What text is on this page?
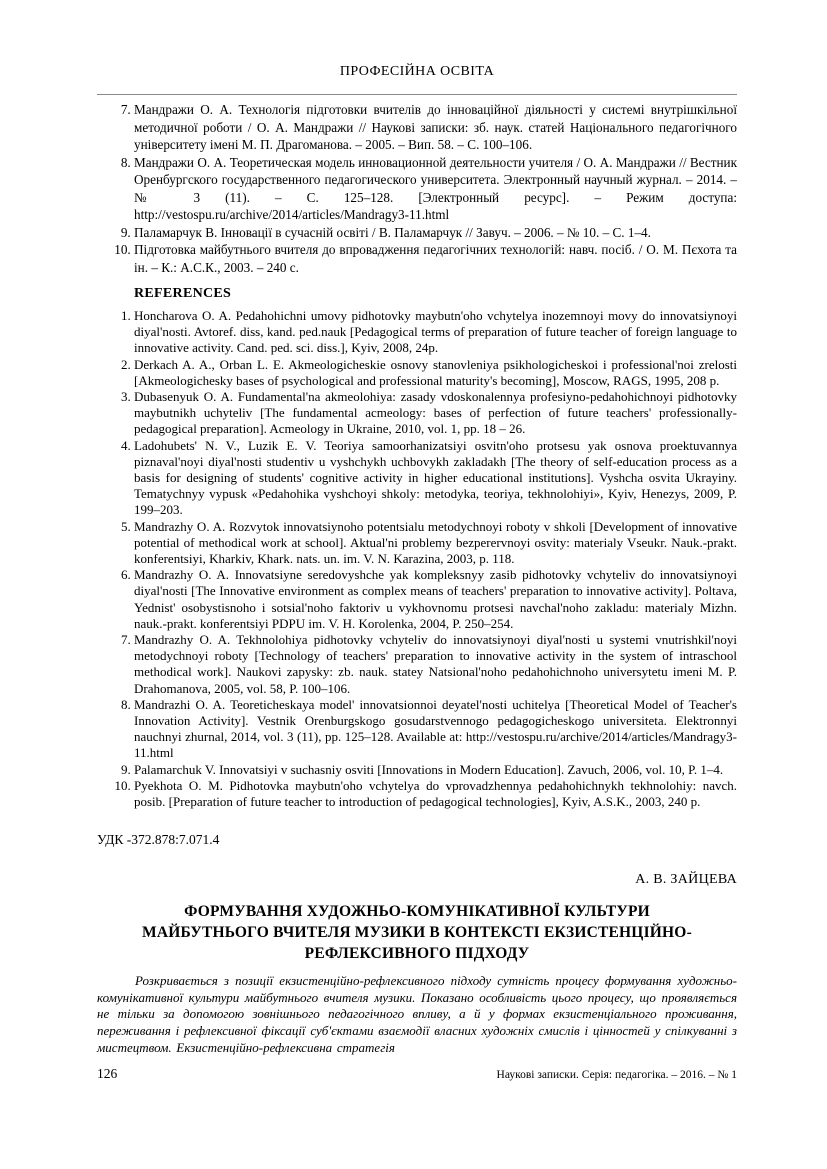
ПРОФЕСІЙНА ОСВІТА
7. Мандражи О. А. Технологія підготовки вчителів до інноваційної діяльності у системі внутрішкільної методичної роботи / О. А. Мандражи // Наукові записки: зб. наук. статей Національного педагогічного університету імені М. П. Драгоманова. – 2005. – Вип. 58. – С. 100–106.
8. Мандражи О. А. Теоретическая модель инновационной деятельности учителя / О. А. Мандражи // Вестник Оренбургского государственного педагогического университета. Электронный научный журнал. – 2014. – № 3 (11). – С. 125–128. [Электронный ресурс]. – Режим доступа: http://vestospu.ru/archive/2014/articles/Mandragy3-11.html
9. Паламарчук В. Інновації в сучасній освіті / В. Паламарчук // Завуч. – 2006. – № 10. – С. 1–4.
10. Підготовка майбутнього вчителя до впровадження педагогічних технологій: навч. посіб. / О. М. Пєхота та ін. – К.: А.С.К., 2003. – 240 с.
REFERENCES
1. Honcharova O. A. Pedahohichni umovy pidhotovky maybutn'oho vchytelya inozemnoyi movy do innovatsiynoyi diyal'nosti. Avtoref. diss, kand. ped.nauk [Pedagogical terms of preparation of future teacher of foreign language to innovative activity. Cand. ped. sci. diss.], Kyiv, 2008, 24p.
2. Derkach A. A., Orban L. E. Akmeologicheskie osnovy stanovleniya psikhologicheskoi i professional'noi zrelosti [Akmeologichesky bases of psychological and professional maturity's becoming], Moscow, RAGS, 1995, 208 p.
3. Dubasenyuk O. A. Fundamental'na akmeolohiya: zasady vdoskonalennya profesiyno-pedahohichnoyi pidhotovky maybutnikh uchyteliv [The fundamental acmeology: bases of perfection of future teachers' professionally-pedagogical preparation]. Acmeology in Ukraine, 2010, vol. 1, pp. 18 – 26.
4. Ladohubets' N. V., Luzik E. V. Teoriya samoorhanizatsiyi osvitn'oho protsesu yak osnova proektuvannya piznaval'noyi diyal'nosti studentiv u vyshchykh uchbovykh zakladakh [The theory of self-education process as a basis for designing of students' cognitive activity in higher educational institutions]. Vyshcha osvita Ukrayiny. Tematychnyy vypusk «Pedahohika vyshchoyi shkoly: metodyka, teoriya, tekhnolohiyi», Kyiv, Henezys, 2009, P. 199–203.
5. Mandrazhy O. A. Rozvytok innovatsiynoho potentsialu metodychnoyi roboty v shkoli [Development of innovative potential of methodical work at school]. Aktual'ni problemy bezperervnoyi osvity: materialy Vseukr. Nauk.-prakt. konferentsiyi, Kharkiv, Khark. nats. un. im. V. N. Karazina, 2003, p. 118.
6. Mandrazhy O. A. Innovatsiyne seredovyshche yak kompleksnyy zasib pidhotovky vchyteliv do innovatsiynoyi diyal'nosti [The Innovative environment as complex means of teachers' preparation to innovative activity]. Poltava, Yednist' osobystisnoho i sotsial'noho faktoriv u vykhovnomu protsesi navchal'noho zakladu: materialy Mizhn. nauk.-prakt. konferentsiyi PDPU im. V. H. Korolenka, 2004, P. 250–254.
7. Mandrazhy O. A. Tekhnolohiya pidhotovky vchyteliv do innovatsiynoyi diyal'nosti u systemi vnutrishkil'noyi metodychnoyi roboty [Technology of teachers' preparation to innovative activity in the system of intraschool methodical work]. Naukovi zapysky: zb. nauk. statey Natsional'noho pedahohichnoho universytetu imeni M. P. Drahomanova, 2005, vol. 58, P. 100–106.
8. Mandrazhi O. A. Teoreticheskaya model' innovatsionnoi deyatel'nosti uchitelya [Theoretical Model of Teacher's Innovation Activity]. Vestnik Orenburgskogo gosudarstvennogo pedagogicheskogo universiteta. Elektronnyi nauchnyi zhurnal, 2014, vol. 3 (11), pp. 125–128. Available at: http://vestospu.ru/archive/2014/articles/Mandragy3-11.html
9. Palamarchuk V. Innovatsiyi v suchasniy osviti [Innovations in Modern Education]. Zavuch, 2006, vol. 10, P. 1–4.
10. Pyekhota O. M. Pidhotovka maybutn'oho vchytelya do vprovadzhennya pedahohichnykh tekhnolohiy: navch. posib. [Preparation of future teacher to introduction of pedagogical technologies], Kyiv, A.S.K., 2003, 240 p.

УДК -372.878:7.071.4

А. В. ЗАЙЦЕВА

ФОРМУВАННЯ ХУДОЖНЬО-КОМУНІКАТИВНОЇ КУЛЬТУРИ
МАЙБУТНЬОГО ВЧИТЕЛЯ МУЗИКИ В КОНТЕКСТІ ЕКЗИСТЕНЦІЙНО-
РЕФЛЕКСИВНОГО ПІДХОДУ

Розкривається з позиції екзистенційно-рефлексивного підходу сутність процесу формування художньо-комунікативної культури майбутнього вчителя музики. Показано особливість цього процесу, що проявляється не тільки за допомогою зовнішнього педагогічного впливу, а й у формах екзистенціального проживання, переживання і рефлексивної фіксації суб'єктами взаємодії власних художніх смислів і цінностей у спілкуванні з мистецтвом. Екзистенційно-рефлексивна стратегія

126	Наукові записки. Серія: педагогіка. – 2016. – № 1
